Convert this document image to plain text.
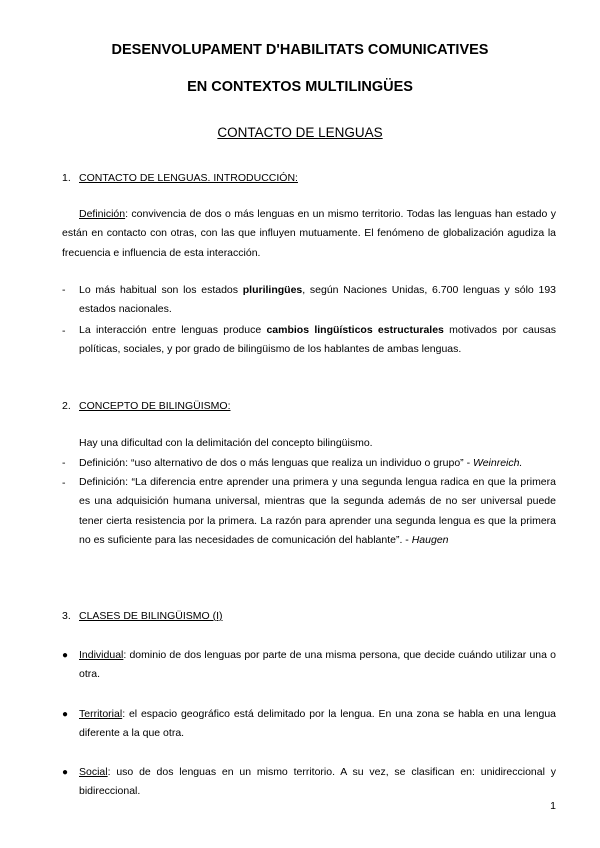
DESENVOLUPAMENT D'HABILITATS COMUNICATIVES
EN CONTEXTOS MULTILINGÜES
CONTACTO DE LENGUAS
1. CONTACTO DE LENGUAS. INTRODUCCIÓN:

Definición: convivencia de dos o más lenguas en un mismo territorio. Todas las lenguas han estado y están en contacto con otras, con las que influyen mutuamente. El fenómeno de globalización agudiza la frecuencia e influencia de esta interacción.

- Lo más habitual son los estados plurilingües, según Naciones Unidas, 6.700 lenguas y sólo 193 estados nacionales.

- La interacción entre lenguas produce cambios lingüísticos estructurales motivados por causas políticas, sociales, y por grado de bilingüismo de los hablantes de ambas lenguas.

2. CONCEPTO DE BILINGÜISMO:

Hay una dificultad con la delimitación del concepto bilingüismo.

- Definición: “uso alternativo de dos o más lenguas que realiza un individuo o grupo” - Weinreich.

- Definición: “La diferencia entre aprender una primera y una segunda lengua radica en que la primera es una adquisición humana universal, mientras que la segunda además de no ser universal puede tener cierta resistencia por la primera. La razón para aprender una segunda lengua es que la primera no es suficiente para las necesidades de comunicación del hablante”. - Haugen

3. CLASES DE BILINGÜISMO (I)
● Individual: dominio de dos lenguas por parte de una misma persona, que decide cuándo utilizar una o otra.

● Territorial: el espacio geográfico está delimitado por la lengua. En una zona se habla en una lengua diferente a la que otra.

● Social: uso de dos lenguas en un mismo territorio. A su vez, se clasifican en: unidireccional y bidireccional.

1
